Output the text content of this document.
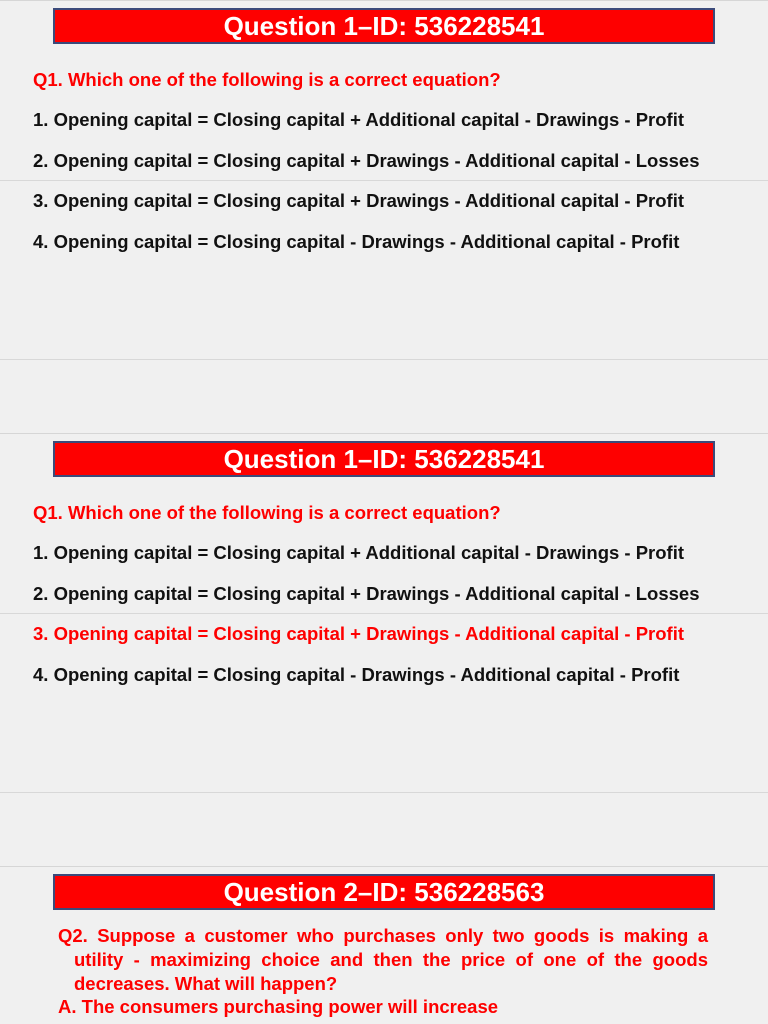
Question 1–ID: 536228541
Q1. Which one of the following is a correct equation?
1. Opening capital = Closing capital + Additional capital - Drawings - Profit
2. Opening capital = Closing capital + Drawings - Additional capital - Losses
3. Opening capital = Closing capital + Drawings - Additional capital - Profit
4. Opening capital = Closing capital - Drawings - Additional capital - Profit
Question 1–ID: 536228541
Q1. Which one of the following is a correct equation?
1. Opening capital = Closing capital + Additional capital - Drawings - Profit
2. Opening capital = Closing capital + Drawings - Additional capital - Losses
3. Opening capital = Closing capital + Drawings - Additional capital - Profit
4. Opening capital = Closing capital - Drawings - Additional capital - Profit
Question 2–ID: 536228563
Q2. Suppose a customer who purchases only two goods is making a utility - maximizing choice and then the price of one of the goods decreases. What will happen?
A. The consumers purchasing power will increase
